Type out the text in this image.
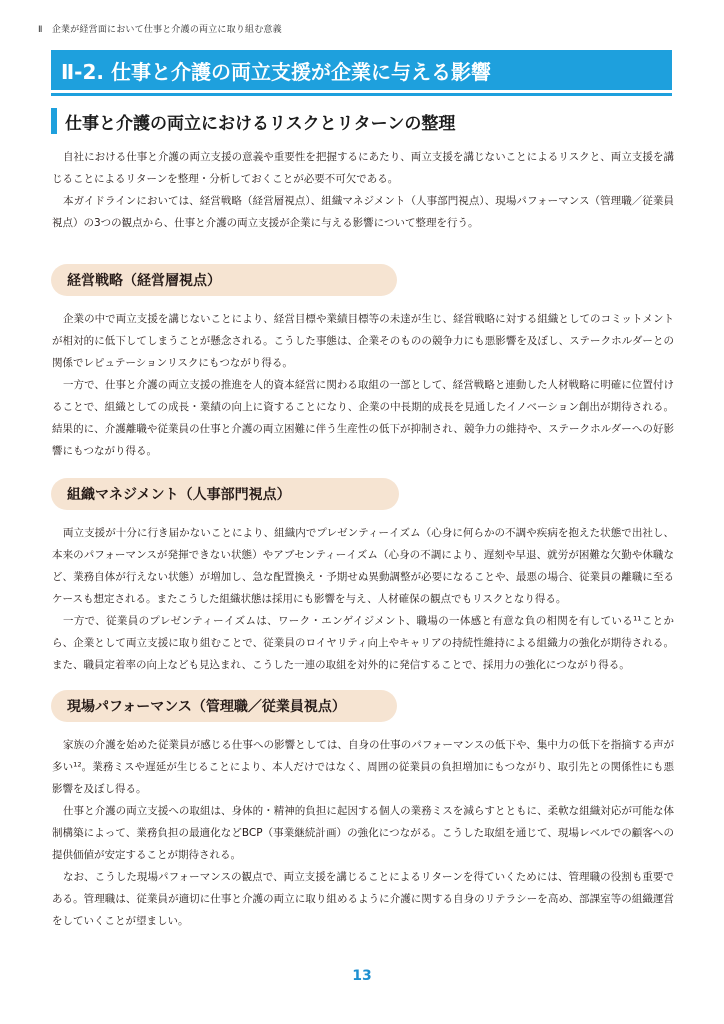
Ⅱ　企業が経営面において仕事と介護の両立に取り組む意義
Ⅱ-2. 仕事と介護の両立支援が企業に与える影響
仕事と介護の両立におけるリスクとリターンの整理

自社における仕事と介護の両立支援の意義や重要性を把握するにあたり、両立支援を講じないことによるリスクと、両立支援を講じることによるリターンを整理・分析しておくことが必要不可欠である。

本ガイドラインにおいては、経営戦略（経営層視点）、組織マネジメント（人事部門視点）、現場パフォーマンス（管理職／従業員視点）の3つの観点から、仕事と介護の両立支援が企業に与える影響について整理を行う。

経営戦略（経営層視点）

企業の中で両立支援を講じないことにより、経営目標や業績目標等の未達が生じ、経営戦略に対する組織としてのコミットメントが相対的に低下してしまうことが懸念される。こうした事態は、企業そのものの競争力にも悪影響を及ぼし、ステークホルダーとの関係でレピュテーションリスクにもつながり得る。

一方で、仕事と介護の両立支援の推進を人的資本経営に関わる取組の一部として、経営戦略と連動した人材戦略に明確に位置付けることで、組織としての成長・業績の向上に資することになり、企業の中長期的成長を見通したイノベーション創出が期待される。結果的に、介護離職や従業員の仕事と介護の両立困難に伴う生産性の低下が抑制され、競争力の維持や、ステークホルダーへの好影響にもつながり得る。

組織マネジメント（人事部門視点）

両立支援が十分に行き届かないことにより、組織内でプレゼンティーイズム（心身に何らかの不調や疾病を抱えた状態で出社し、本来のパフォーマンスが発揮できない状態）やアブセンティーイズム（心身の不調により、遅刻や早退、就労が困難な欠勤や休職など、業務自体が行えない状態）が増加し、急な配置換え・予期せぬ異動調整が必要になることや、最悪の場合、従業員の離職に至るケースも想定される。またこうした組織状態は採用にも影響を与え、人材確保の観点でもリスクとなり得る。

一方で、従業員のプレゼンティーイズムは、ワーク・エンゲイジメント、職場の一体感と有意な負の相関を有している¹¹ことから、企業として両立支援に取り組むことで、従業員のロイヤリティ向上やキャリアの持続性維持による組織力の強化が期待される。また、職員定着率の向上なども見込まれ、こうした一連の取組を対外的に発信することで、採用力の強化につながり得る。

現場パフォーマンス（管理職／従業員視点）

家族の介護を始めた従業員が感じる仕事への影響としては、自身の仕事のパフォーマンスの低下や、集中力の低下を指摘する声が多い¹²。業務ミスや遅延が生じることにより、本人だけではなく、周囲の従業員の負担増加にもつながり、取引先との関係性にも悪影響を及ぼし得る。

仕事と介護の両立支援への取組は、身体的・精神的負担に起因する個人の業務ミスを減らすとともに、柔軟な組織対応が可能な体制構築によって、業務負担の最適化などBCP（事業継続計画）の強化につながる。こうした取組を通じて、現場レベルでの顧客への提供価値が安定することが期待される。

なお、こうした現場パフォーマンスの観点で、両立支援を講じることによるリターンを得ていくためには、管理職の役割も重要である。管理職は、従業員が適切に仕事と介護の両立に取り組めるように介護に関する自身のリテラシーを高め、部課室等の組織運営をしていくことが望ましい。

13
